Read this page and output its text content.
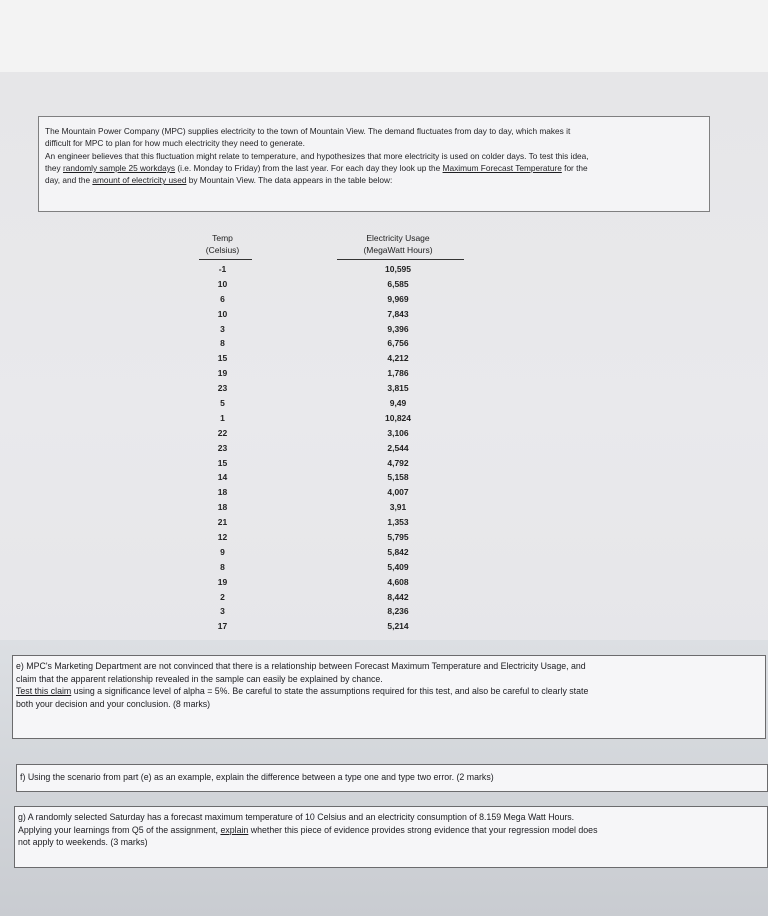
The Mountain Power Company (MPC) supplies electricity to the town of Mountain View. The demand fluctuates from day to day, which makes it

difficult for MPC to plan for how much electricity they need to generate.

An engineer believes that this fluctuation might relate to temperature, and hypothesizes that more electricity is used on colder days. To test this idea,

they randomly sample 25 workdays (i.e. Monday to Friday) from the last year. For each day they look up the Maximum Forecast Temperature for the

day, and the amount of electricity used by Mountain View. The data appears in the table below:

Temp
(Celsius)
Electricity Usage
(MegaWatt Hours)
-1
10
6
10
3
8
15
19
23
5
1
22
23
15
14
18
18
21
12
9
8
19
2
3
17
10,595
6,585
9,969
7,843
9,396
6,756
4,212
1,786
3,815
9,49
10,824
3,106
2,544
4,792
5,158
4,007
3,91
1,353
5,795
5,842
5,409
4,608
8,442
8,236
5,214

e) MPC's Marketing Department are not convinced that there is a relationship between Forecast Maximum Temperature and Electricity Usage, and

claim that the apparent relationship revealed in the sample can easily be explained by chance.

Test this claim using a significance level of alpha = 5%. Be careful to state the assumptions required for this test, and also be careful to clearly state

both your decision and your conclusion. (8 marks)

f) Using the scenario from part (e) as an example, explain the difference between a type one and type two error. (2 marks)

g) A randomly selected Saturday has a forecast maximum temperature of 10 Celsius and an electricity consumption of 8.159 Mega Watt Hours.

Applying your learnings from Q5 of the assignment, explain whether this piece of evidence provides strong evidence that your regression model does

not apply to weekends. (3 marks)
